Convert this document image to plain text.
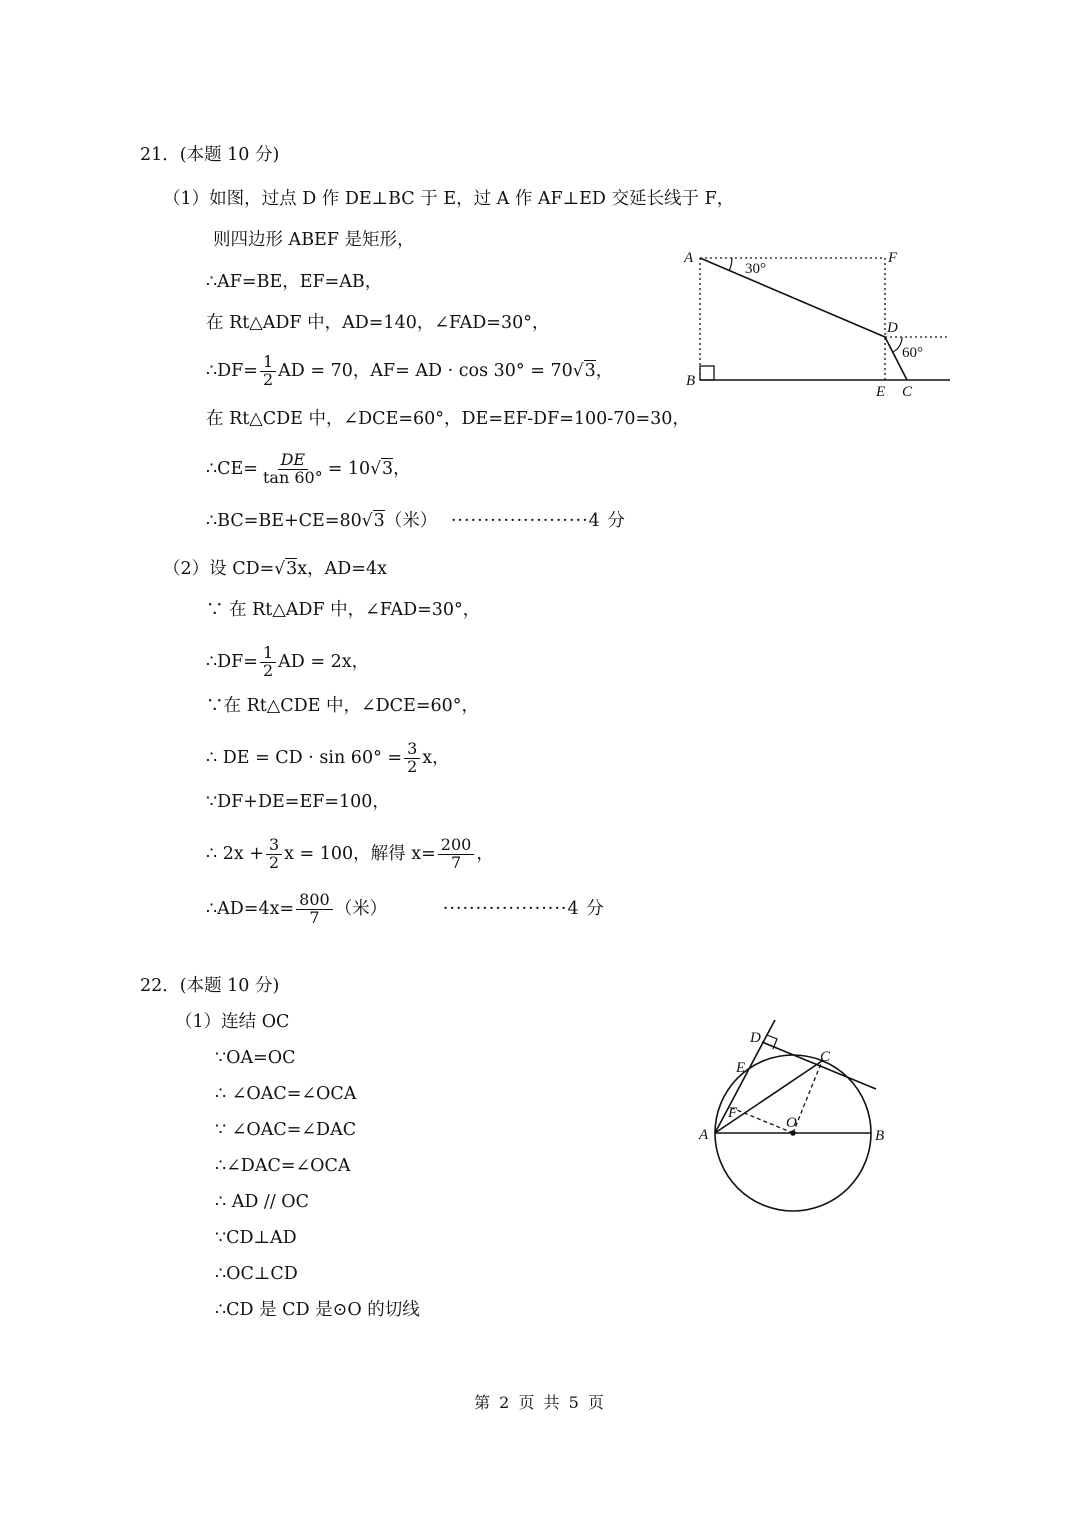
21．(本题 10 分)
（1）如图，过点 D 作 DE⊥BC 于 E，过 A 作 AF⊥ED 交延长线于 F，
则四边形 ABEF 是矩形，
∴AF=BE，EF=AB，
在 Rt△ADF 中，AD=140，∠FAD=30°，
∴DF= $\frac{1}{2}$ AD = 70，AF= AD · cos 30° = 70√3，
在 Rt△CDE 中，∠DCE=60°，DE=EF-DF=100-70=30，
∴CE= $\frac{DE}{\tan 60^\circ} = 10√3$，
∴BC=BE+CE=80√3（米） ·····················4 分
（2）设 CD=√3x，AD=4x
∵ 在 Rt△ADF 中，∠FAD=30°，
∴DF= $\frac{1}{2}$ AD = 2x，
∵在 Rt△CDE 中，∠DCE=60°，
∴ DE = CD · $\sin 60^\circ = \frac{3}{2}$ x，
∵DF+DE=EF=100，
∴ $2x + \frac{3}{2}$ x = 100，解得 $x= \frac{200}{7}$ ，
∴AD=4x= $\frac{800}{7}$ （米）	···················4 分
A	F
D
B
E C
30°
60°
22．(本题 10 分)
（1）连结 OC
∵OA=OC
∴ ∠OAC=∠OCA
∵ ∠OAC=∠DAC
∴∠DAC=∠OCA
∴ AD // OC
∵CD⊥AD
∴OC⊥CD
∴CD 是 CD 是⊙O 的切线
D
C
E
F
A
O
B
第 2 页 共 5 页
